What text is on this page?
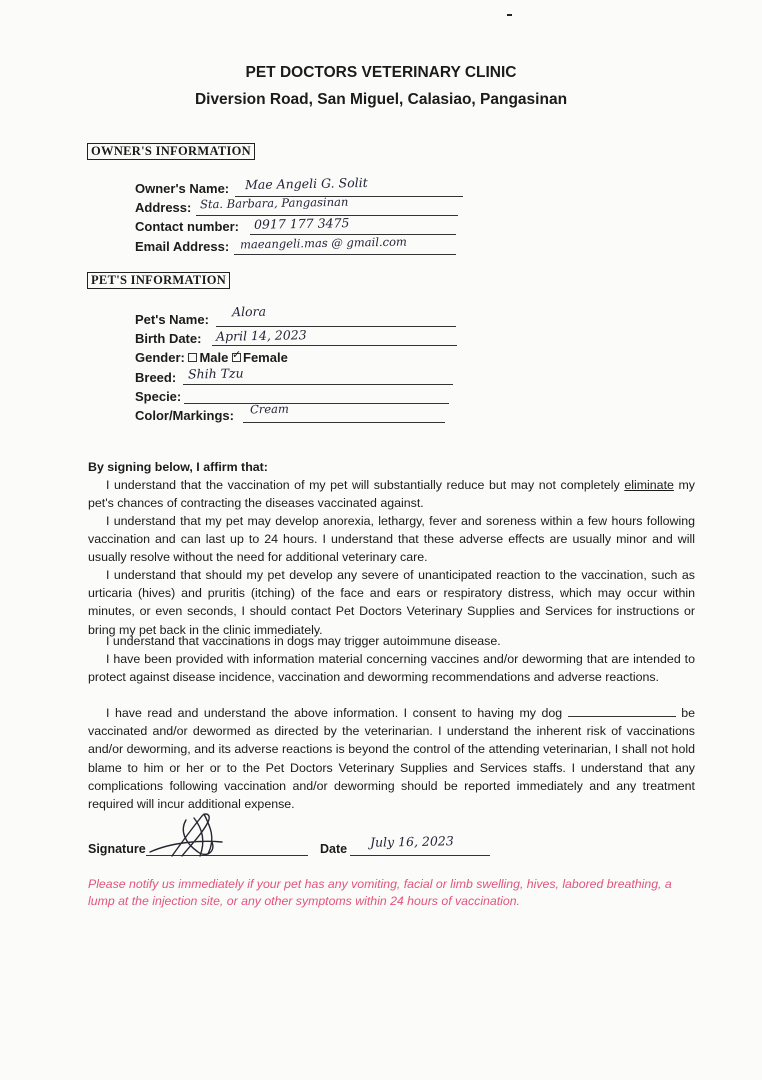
PET DOCTORS VETERINARY CLINIC
Diversion Road, San Miguel, Calasiao, Pangasinan
OWNER'S INFORMATION
Owner's Name: Mae Angeli G. Solit
Address: Sta. Barbara, Pangasinan
Contact number: 0917 177 3475
Email Address: maeangeli.mas @ gmail.com
PET'S INFORMATION
Pet's Name:
Alora
Birth Date: April 14, 2023
Gender: Male ✓ Female
Breed: Shih Tzu
Specie:
Color/Markings: Cream
By signing below, I affirm that:
I understand that the vaccination of my pet will substantially reduce but may not completely eliminate my pet's chances of contracting the diseases vaccinated against.
I understand that my pet may develop anorexia, lethargy, fever and soreness within a few hours following vaccination and can last up to 24 hours. I understand that these adverse effects are usually minor and will usually resolve without the need for additional veterinary care.
I understand that should my pet develop any severe of unanticipated reaction to the vaccination, such as urticaria (hives) and pruritis (itching) of the face and ears or respiratory distress, which may occur within minutes, or even seconds, I should contact Pet Doctors Veterinary Supplies and Services for instructions or bring my pet back in the clinic immediately.
I understand that vaccinations in dogs may trigger autoimmune disease.
I have been provided with information material concerning vaccines and/or deworming that are intended to protect against disease incidence, vaccination and deworming recommendations and adverse reactions.
I have read and understand the above information. I consent to having my dog	be vaccinated and/or dewormed as directed by the veterinarian. I understand the inherent risk of vaccinations and/or deworming, and its adverse reactions is beyond the control of the attending veterinarian, I shall not hold blame to him or her or to the Pet Doctors Veterinary Supplies and Services staffs. I understand that any complications following vaccination and/or deworming should be reported immediately and any treatment required will incur additional expense.
Signature	Date July 16, 2023
Please notify us immediately if your pet has any vomiting, facial or limb swelling, hives, labored breathing, a lump at the injection site, or any other symptoms within 24 hours of vaccination.
